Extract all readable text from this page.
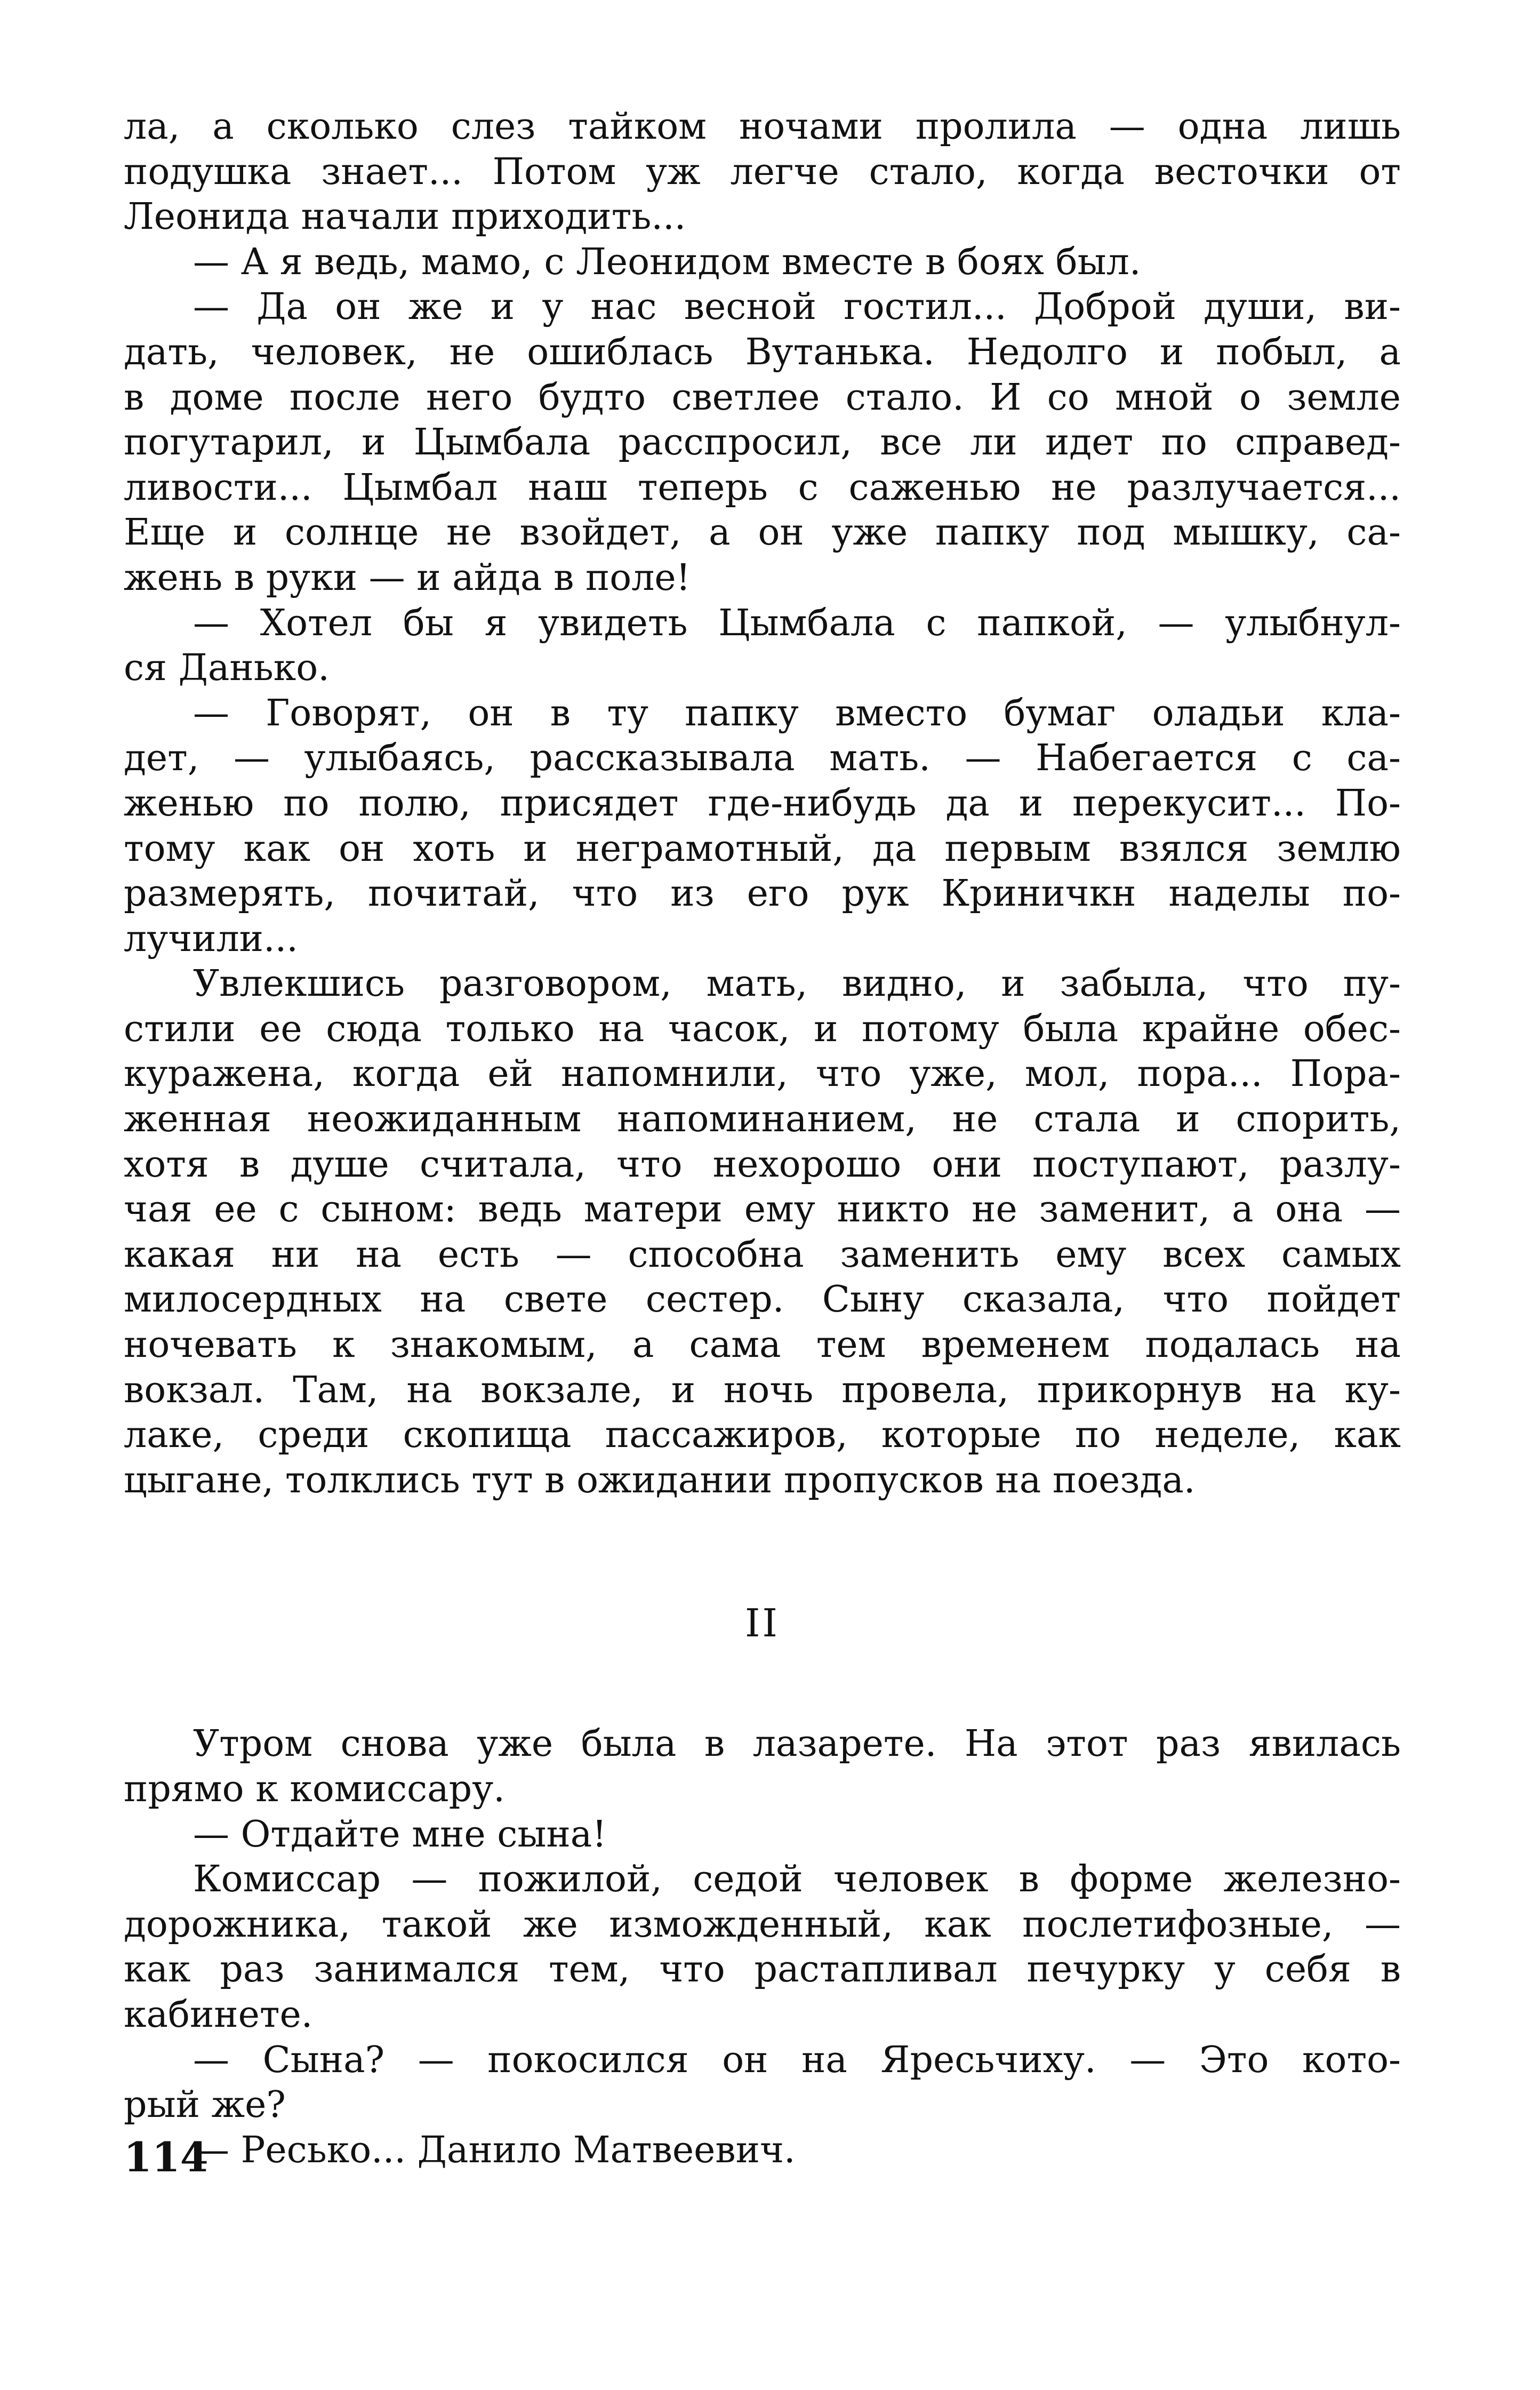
ла, а сколько слез тайком ночами пролила — одна лишь
подушка знает... Потом уж легче стало, когда весточки от
Леонида начали приходить...
— А я ведь, мамо, с Леонидом вместе в боях был.
— Да он же и у нас весной гостил... Доброй души, ви-
дать, человек, не ошиблась Вутанька. Недолго и побыл, а
в доме после него будто светлее стало. И со мной о земле
погутарил, и Цымбала расспросил, все ли идет по справед-
ливости... Цымбал наш теперь с саженью не разлучается...
Еще и солнце не взойдет, а он уже папку под мышку, са-
жень в руки — и айда в поле!
— Хотел бы я увидеть Цымбала с папкой, — улыбнул-
ся Данько.
— Говорят, он в ту папку вместо бумаг оладьи кла-
дет, — улыбаясь, рассказывала мать. — Набегается с са-
женью по полю, присядет где-нибудь да и перекусит... По-
тому как он хоть и неграмотный, да первым взялся землю
размерять, почитай, что из его рук Криничкн наделы по-
лучили...
Увлекшись разговором, мать, видно, и забыла, что пу-
стили ее сюда только на часок, и потому была крайне обес-
куражена, когда ей напомнили, что уже, мол, пора... Пора-
женная неожиданным напоминанием, не стала и спорить,
хотя в душе считала, что нехорошо они поступают, разлу-
чая ее с сыном: ведь матери ему никто не заменит, а она —
какая ни на есть — способна заменить ему всех самых
милосердных на свете сестер. Сыну сказала, что пойдет
ночевать к знакомым, а сама тем временем подалась на
вокзал. Там, на вокзале, и ночь провела, прикорнув на ку-
лаке, среди скопища пассажиров, которые по неделе, как
цыгане, толклись тут в ожидании пропусков на поезда.
II
Утром снова уже была в лазарете. На этот раз явилась
прямо к комиссару.
— Отдайте мне сына!
Комиссар — пожилой, седой человек в форме железно-
дорожника, такой же изможденный, как послетифозные, —
как раз занимался тем, что растапливал печурку у себя в
кабинете.
— Сына? — покосился он на Яресьчиху. — Это кото-
рый же?
— Ресько... Данило Матвеевич.
114
